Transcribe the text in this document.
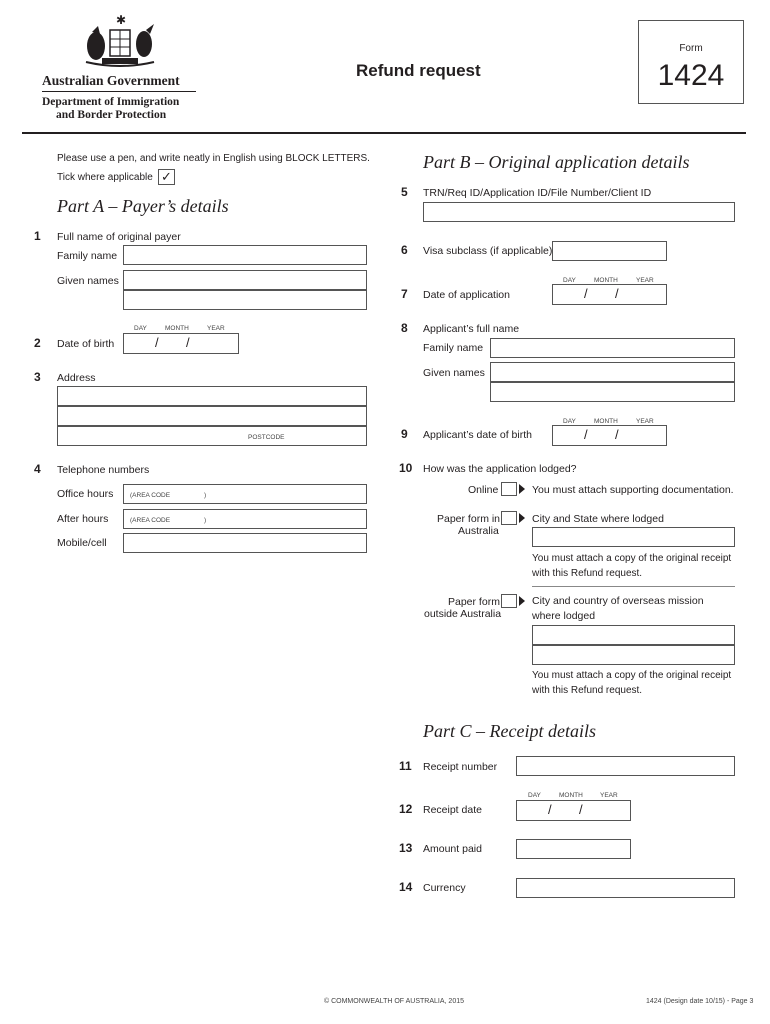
✱
Australian Government
Department of Immigration
and Border Protection
Refund request
Form
1424
Please use a pen, and write neatly in English using BLOCK LETTERS.
Tick where applicable ✓
Part A – Payer’s details
1 Full name of original payer
Family name
Given names
DAY	MONTH	YEAR
2 Date of birth	/ /
3 Address
POSTCODE
4 Telephone numbers
Office hours	(AREA CODE	)
After hours	(AREA CODE	)
Mobile/cell
Part B – Original application details
5 TRN/Req ID/Application ID/File Number/Client ID
6 Visa subclass (if applicable)
DAY	MONTH	YEAR
7 Date of application	/ /
8 Applicant’s full name
Family name
Given names
DAY	MONTH	YEAR
9 Applicant’s date of birth	/ /
10 How was the application lodged?
Online	You must attach supporting documentation.
Paper form in
Australia
City and State where lodged
You must attach a copy of the original receipt
with this Refund request.
Paper form
outside Australia
City and country of overseas mission
where lodged
You must attach a copy of the original receipt
with this Refund request.
Part C – Receipt details
11 Receipt number
DAY	MONTH	YEAR
12 Receipt date	/ /
13 Amount paid
14 Currency
© COMMONWEALTH OF AUSTRALIA, 2015	1424 (Design date 10/15) - Page 3
